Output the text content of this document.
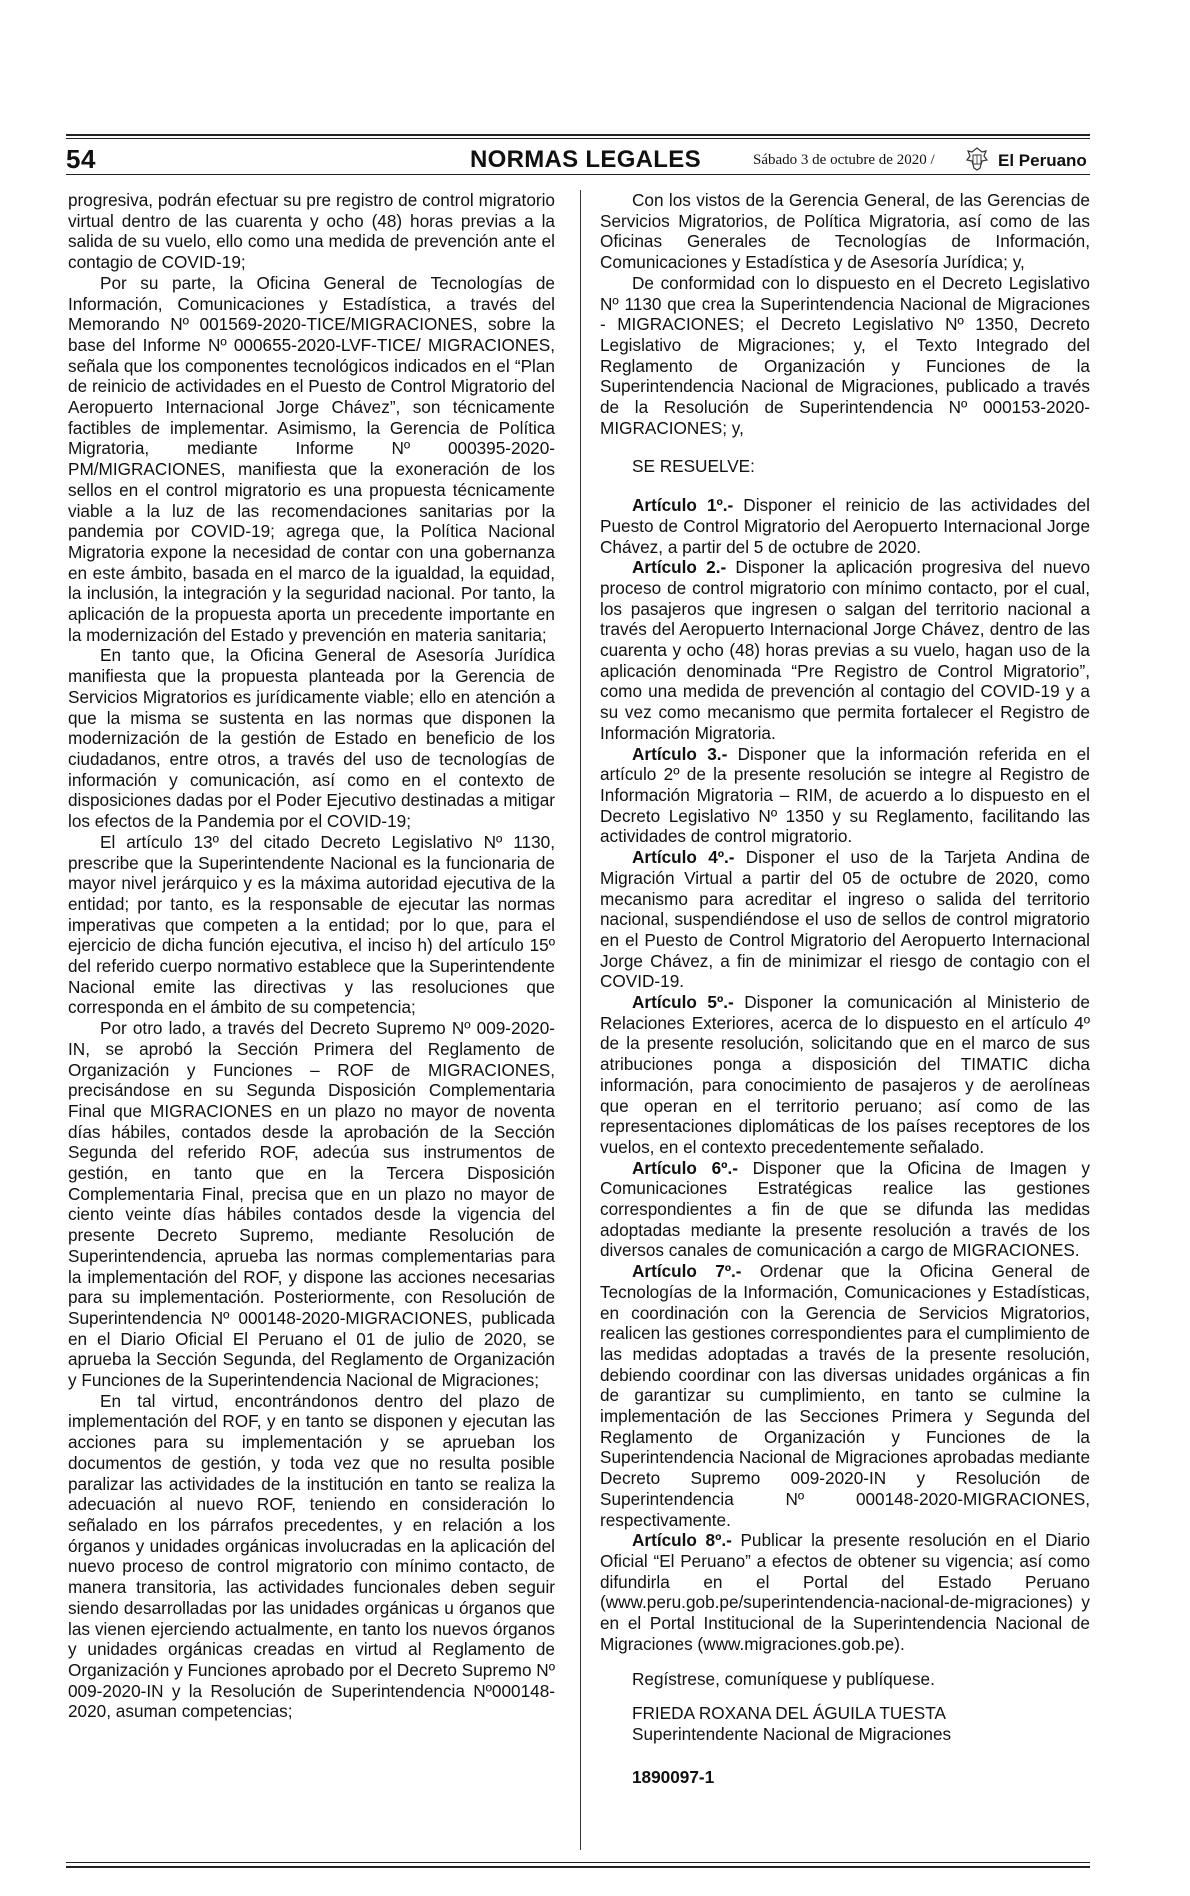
54	NORMAS LEGALES	Sábado 3 de octubre de 2020 /	El Peruano

progresiva, podrán efectuar su pre registro de control migratorio virtual dentro de las cuarenta y ocho (48) horas previas a la salida de su vuelo, ello como una medida de prevención ante el contagio de COVID-19;

Por su parte, la Oficina General de Tecnologías de Información, Comunicaciones y Estadística, a través del Memorando Nº 001569-2020-TICE/MIGRACIONES, sobre la base del Informe Nº 000655-2020-LVF-TICE/ MIGRACIONES, señala que los componentes tecnológicos indicados en el “Plan de reinicio de actividades en el Puesto de Control Migratorio del Aeropuerto Internacional Jorge Chávez”, son técnicamente factibles de implementar. Asimismo, la Gerencia de Política Migratoria, mediante Informe Nº 000395-2020-PM/MIGRACIONES, manifiesta que la exoneración de los sellos en el control migratorio es una propuesta técnicamente viable a la luz de las recomendaciones sanitarias por la pandemia por COVID-19; agrega que, la Política Nacional Migratoria expone la necesidad de contar con una gobernanza en este ámbito, basada en el marco de la igualdad, la equidad, la inclusión, la integración y la seguridad nacional. Por tanto, la aplicación de la propuesta aporta un precedente importante en la modernización del Estado y prevención en materia sanitaria;

En tanto que, la Oficina General de Asesoría Jurídica manifiesta que la propuesta planteada por la Gerencia de Servicios Migratorios es jurídicamente viable; ello en atención a que la misma se sustenta en las normas que disponen la modernización de la gestión de Estado en beneficio de los ciudadanos, entre otros, a través del uso de tecnologías de información y comunicación, así como en el contexto de disposiciones dadas por el Poder Ejecutivo destinadas a mitigar los efectos de la Pandemia por el COVID-19;

El artículo 13º del citado Decreto Legislativo Nº 1130, prescribe que la Superintendente Nacional es la funcionaria de mayor nivel jerárquico y es la máxima autoridad ejecutiva de la entidad; por tanto, es la responsable de ejecutar las normas imperativas que competen a la entidad; por lo que, para el ejercicio de dicha función ejecutiva, el inciso h) del artículo 15º del referido cuerpo normativo establece que la Superintendente Nacional emite las directivas y las resoluciones que corresponda en el ámbito de su competencia;

Por otro lado, a través del Decreto Supremo Nº 009-2020-IN, se aprobó la Sección Primera del Reglamento de Organización y Funciones – ROF de MIGRACIONES, precisándose en su Segunda Disposición Complementaria Final que MIGRACIONES en un plazo no mayor de noventa días hábiles, contados desde la aprobación de la Sección Segunda del referido ROF, adecúa sus instrumentos de gestión, en tanto que en la Tercera Disposición Complementaria Final, precisa que en un plazo no mayor de ciento veinte días hábiles contados desde la vigencia del presente Decreto Supremo, mediante Resolución de Superintendencia, aprueba las normas complementarias para la implementación del ROF, y dispone las acciones necesarias para su implementación. Posteriormente, con Resolución de Superintendencia Nº 000148-2020-MIGRACIONES, publicada en el Diario Oficial El Peruano el 01 de julio de 2020, se aprueba la Sección Segunda, del Reglamento de Organización y Funciones de la Superintendencia Nacional de Migraciones;

En tal virtud, encontrándonos dentro del plazo de implementación del ROF, y en tanto se disponen y ejecutan las acciones para su implementación y se aprueban los documentos de gestión, y toda vez que no resulta posible paralizar las actividades de la institución en tanto se realiza la adecuación al nuevo ROF, teniendo en consideración lo señalado en los párrafos precedentes, y en relación a los órganos y unidades orgánicas involucradas en la aplicación del nuevo proceso de control migratorio con mínimo contacto, de manera transitoria, las actividades funcionales deben seguir siendo desarrolladas por las unidades orgánicas u órganos que las vienen ejerciendo actualmente, en tanto los nuevos órganos y unidades orgánicas creadas en virtud al Reglamento de Organización y Funciones aprobado por el Decreto Supremo Nº 009-2020-IN y la Resolución de Superintendencia Nº000148-2020, asuman competencias;

Con los vistos de la Gerencia General, de las Gerencias de Servicios Migratorios, de Política Migratoria, así como de las Oficinas Generales de Tecnologías de Información, Comunicaciones y Estadística y de Asesoría Jurídica; y,

De conformidad con lo dispuesto en el Decreto Legislativo Nº 1130 que crea la Superintendencia Nacional de Migraciones - MIGRACIONES; el Decreto Legislativo Nº 1350, Decreto Legislativo de Migraciones; y, el Texto Integrado del Reglamento de Organización y Funciones de la Superintendencia Nacional de Migraciones, publicado a través de la Resolución de Superintendencia Nº 000153-2020-MIGRACIONES; y,

SE RESUELVE:

Artículo 1º.- Disponer el reinicio de las actividades del Puesto de Control Migratorio del Aeropuerto Internacional Jorge Chávez, a partir del 5 de octubre de 2020.

Artículo 2.- Disponer la aplicación progresiva del nuevo proceso de control migratorio con mínimo contacto, por el cual, los pasajeros que ingresen o salgan del territorio nacional a través del Aeropuerto Internacional Jorge Chávez, dentro de las cuarenta y ocho (48) horas previas a su vuelo, hagan uso de la aplicación denominada “Pre Registro de Control Migratorio”, como una medida de prevención al contagio del COVID-19 y a su vez como mecanismo que permita fortalecer el Registro de Información Migratoria.

Artículo 3.- Disponer que la información referida en el artículo 2º de la presente resolución se integre al Registro de Información Migratoria – RIM, de acuerdo a lo dispuesto en el Decreto Legislativo Nº 1350 y su Reglamento, facilitando las actividades de control migratorio.

Artículo 4º.- Disponer el uso de la Tarjeta Andina de Migración Virtual a partir del 05 de octubre de 2020, como mecanismo para acreditar el ingreso o salida del territorio nacional, suspendiéndose el uso de sellos de control migratorio en el Puesto de Control Migratorio del Aeropuerto Internacional Jorge Chávez, a fin de minimizar el riesgo de contagio con el COVID-19.

Artículo 5º.- Disponer la comunicación al Ministerio de Relaciones Exteriores, acerca de lo dispuesto en el artículo 4º de la presente resolución, solicitando que en el marco de sus atribuciones ponga a disposición del TIMATIC dicha información, para conocimiento de pasajeros y de aerolíneas que operan en el territorio peruano; así como de las representaciones diplomáticas de los países receptores de los vuelos, en el contexto precedentemente señalado.

Artículo 6º.- Disponer que la Oficina de Imagen y Comunicaciones Estratégicas realice las gestiones correspondientes a fin de que se difunda las medidas adoptadas mediante la presente resolución a través de los diversos canales de comunicación a cargo de MIGRACIONES.

Artículo 7º.- Ordenar que la Oficina General de Tecnologías de la Información, Comunicaciones y Estadísticas, en coordinación con la Gerencia de Servicios Migratorios, realicen las gestiones correspondientes para el cumplimiento de las medidas adoptadas a través de la presente resolución, debiendo coordinar con las diversas unidades orgánicas a fin de garantizar su cumplimiento, en tanto se culmine la implementación de las Secciones Primera y Segunda del Reglamento de Organización y Funciones de la Superintendencia Nacional de Migraciones aprobadas mediante Decreto Supremo 009-2020-IN y Resolución de Superintendencia Nº 000148-2020-MIGRACIONES, respectivamente.

Artículo 8º.- Publicar la presente resolución en el Diario Oficial “El Peruano” a efectos de obtener su vigencia; así como difundirla en el Portal del Estado Peruano (www.peru.gob.pe/superintendencia-nacional-de-migraciones) y en el Portal Institucional de la Superintendencia Nacional de Migraciones (www.migraciones.gob.pe).

Regístrese, comuníquese y publíquese.

FRIEDA ROXANA DEL ÁGUILA TUESTA

Superintendente Nacional de Migraciones

1890097-1
